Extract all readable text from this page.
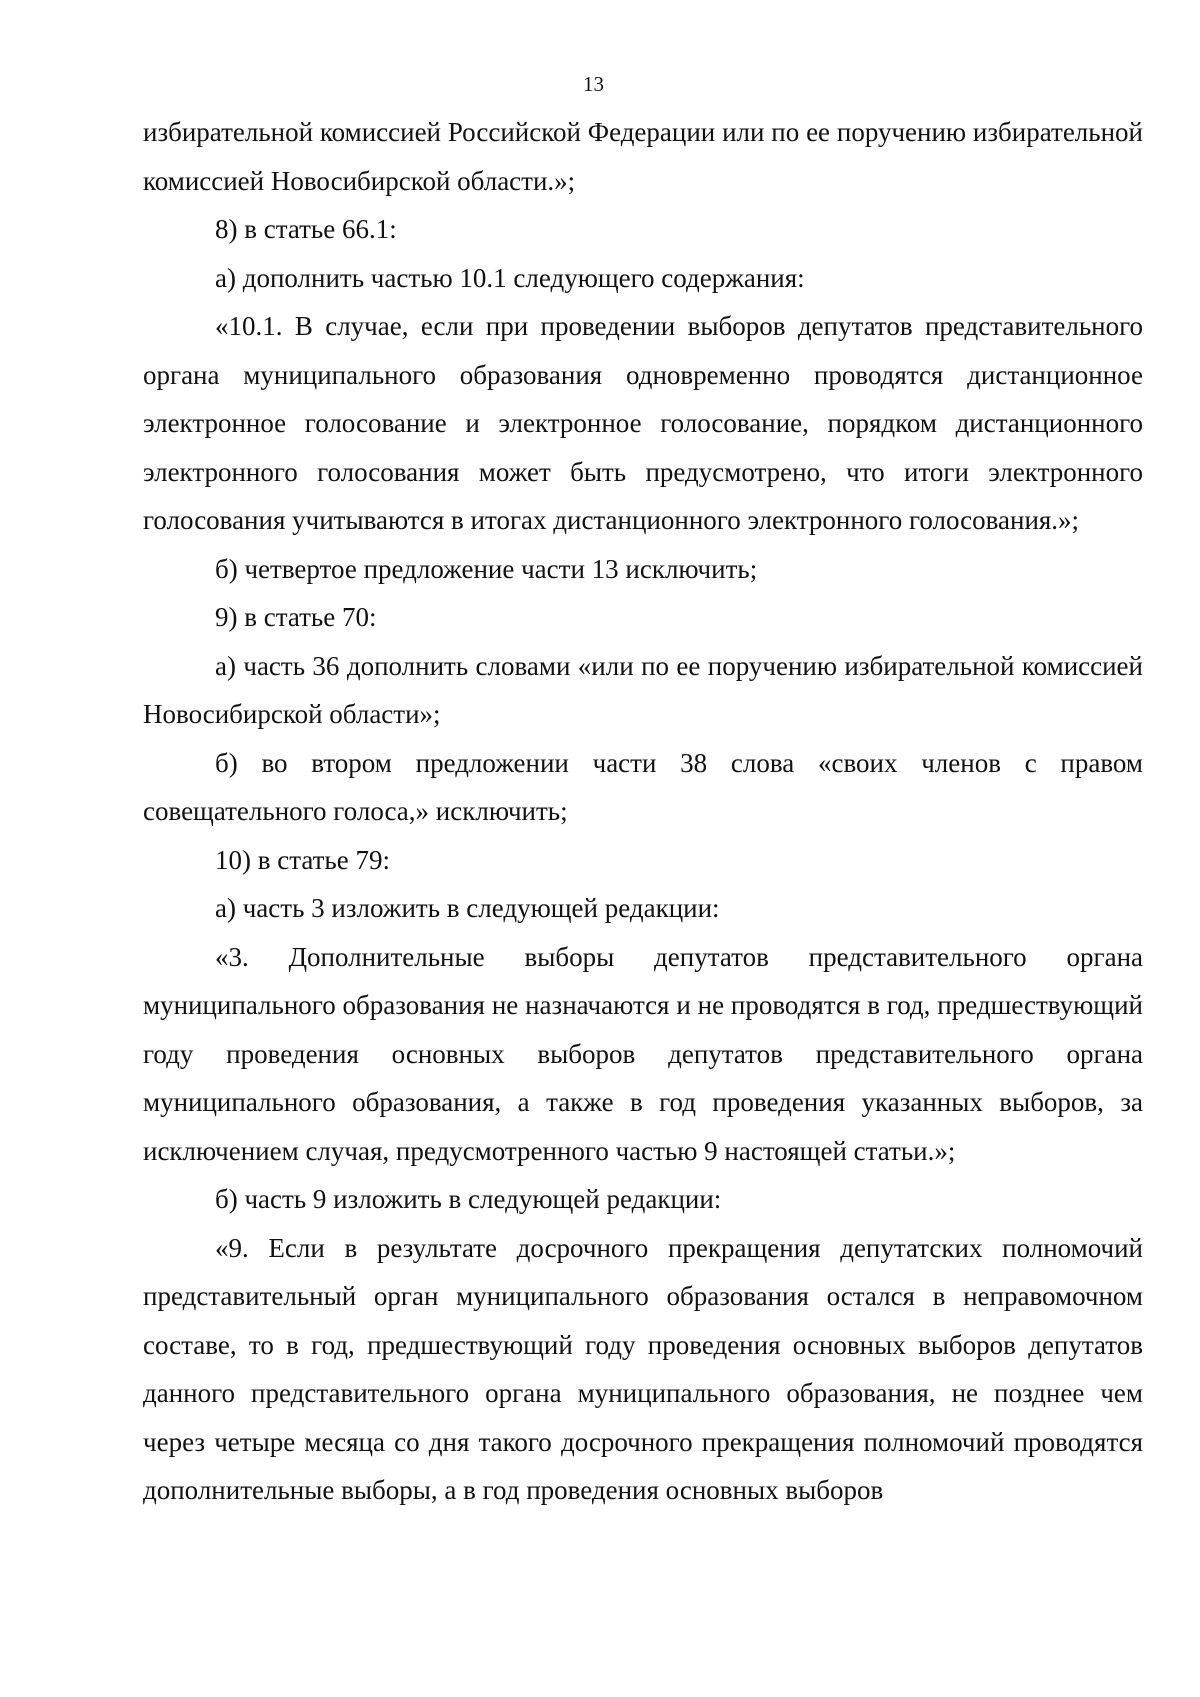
13

избирательной комиссией Российской Федерации или по ее поручению избирательной комиссией Новосибирской области.»;

8) в статье 66.1:

а) дополнить частью 10.1 следующего содержания:

«10.1. В случае, если при проведении выборов депутатов представительного органа муниципального образования одновременно проводятся дистанционное электронное голосование и электронное голосование, порядком дистанционного электронного голосования может быть предусмотрено, что итоги электронного голосования учитываются в итогах дистанционного электронного голосования.»;

б) четвертое предложение части 13 исключить;

9) в статье 70:

а) часть 36 дополнить словами «или по ее поручению избирательной комиссией Новосибирской области»;

б) во втором предложении части 38 слова «своих членов с правом совещательного голоса,» исключить;

10) в статье 79:

а) часть 3 изложить в следующей редакции:

«3. Дополнительные выборы депутатов представительного органа муниципального образования не назначаются и не проводятся в год, предшествующий году проведения основных выборов депутатов представительного органа муниципального образования, а также в год проведения указанных выборов, за исключением случая, предусмотренного частью 9 настоящей статьи.»;

б) часть 9 изложить в следующей редакции:

«9. Если в результате досрочного прекращения депутатских полномочий представительный орган муниципального образования остался в неправомочном составе, то в год, предшествующий году проведения основных выборов депутатов данного представительного органа муниципального образования, не позднее чем через четыре месяца со дня такого досрочного прекращения полномочий проводятся дополнительные выборы, а в год проведения основных выборов
